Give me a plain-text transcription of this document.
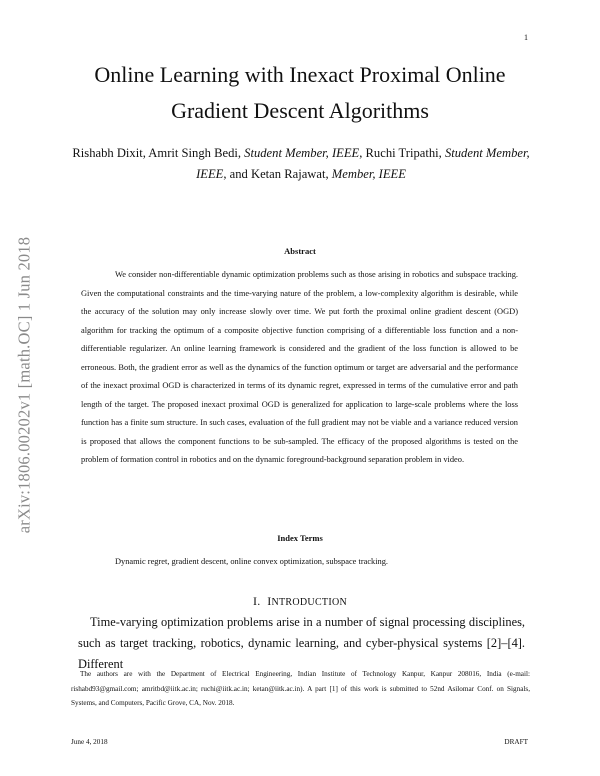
1
arXiv:1806.00202v1 [math.OC] 1 Jun 2018
Online Learning with Inexact Proximal Online Gradient Descent Algorithms
Rishabh Dixit, Amrit Singh Bedi, Student Member, IEEE, Ruchi Tripathi, Student Member, IEEE, and Ketan Rajawat, Member, IEEE
Abstract

We consider non-differentiable dynamic optimization problems such as those arising in robotics and subspace tracking. Given the computational constraints and the time-varying nature of the problem, a low-complexity algorithm is desirable, while the accuracy of the solution may only increase slowly over time. We put forth the proximal online gradient descent (OGD) algorithm for tracking the optimum of a composite objective function comprising of a differentiable loss function and a non-differentiable regularizer. An online learning framework is considered and the gradient of the loss function is allowed to be erroneous. Both, the gradient error as well as the dynamics of the function optimum or target are adversarial and the performance of the inexact proximal OGD is characterized in terms of its dynamic regret, expressed in terms of the cumulative error and path length of the target. The proposed inexact proximal OGD is generalized for application to large-scale problems where the loss function has a finite sum structure. In such cases, evaluation of the full gradient may not be viable and a variance reduced version is proposed that allows the component functions to be sub-sampled. The efficacy of the proposed algorithms is tested on the problem of formation control in robotics and on the dynamic foreground-background separation problem in video.

Index Terms

Dynamic regret, gradient descent, online convex optimization, subspace tracking.

I. INTRODUCTION

Time-varying optimization problems arise in a number of signal processing disciplines, such as target tracking, robotics, dynamic learning, and cyber-physical systems [2]–[4]. Different

The authors are with the Department of Electrical Engineering, Indian Institute of Technology Kanpur, Kanpur 208016, India (e-mail: rishabd93@gmail.com; amritbd@iitk.ac.in; ruchi@iitk.ac.in; ketan@iitk.ac.in). A part [1] of this work is submitted to 52nd Asilomar Conf. on Signals, Systems, and Computers, Pacific Grove, CA, Nov. 2018.

June 4, 2018	DRAFT
